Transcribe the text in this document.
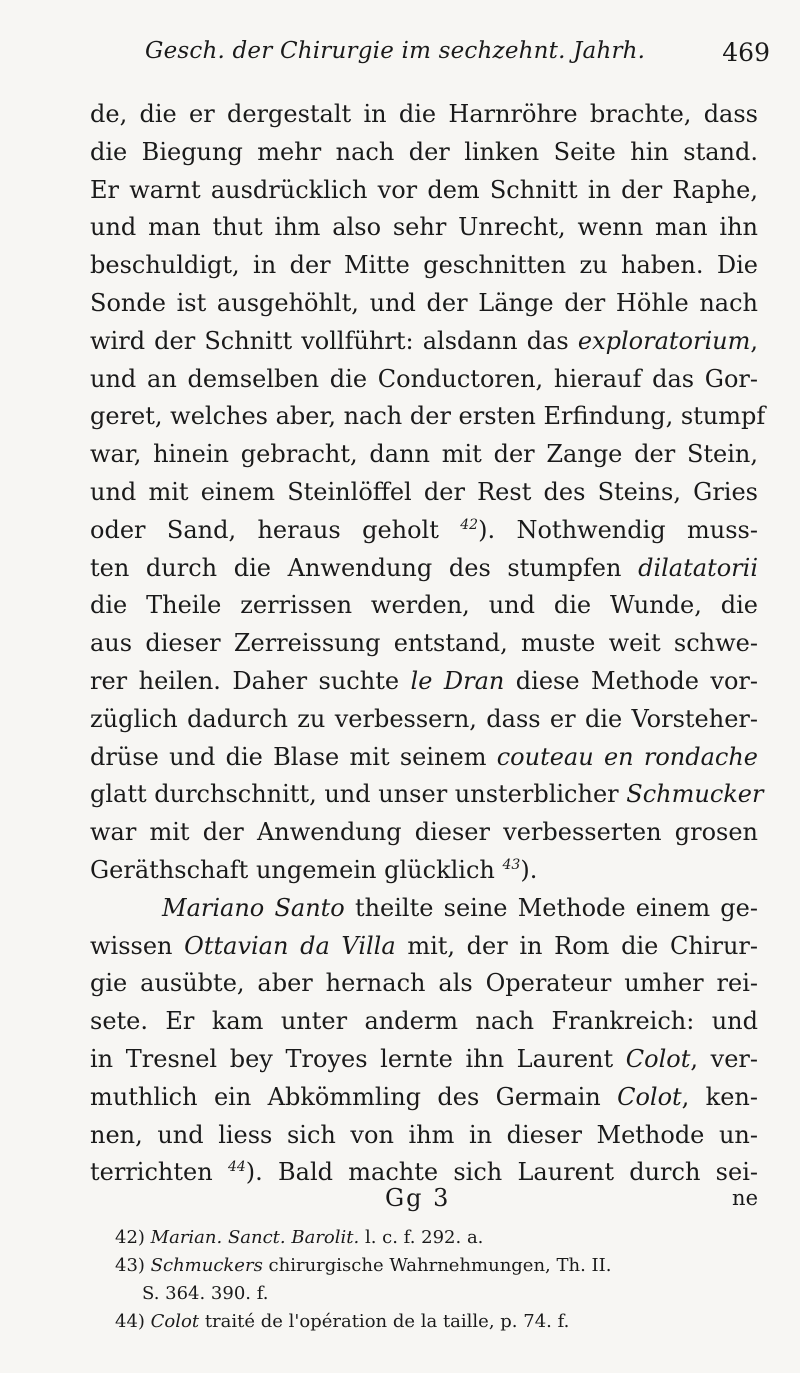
Gesch. der Chirurgie im sechzehnt. Jahrh.	469
de, die er dergestalt in die Harnröhre brachte, dass
die Biegung mehr nach der linken Seite hin stand.
Er warnt ausdrücklich vor dem Schnitt in der Raphe,
und man thut ihm also sehr Unrecht, wenn man ihn
beschuldigt, in der Mitte geschnitten zu haben. Die
Sonde ist ausgehöhlt, und der Länge der Höhle nach
wird der Schnitt vollführt: alsdann das exploratorium,
und an demselben die Conductoren, hierauf das Gor-
geret, welches aber, nach der ersten Erfindung, stumpf
war, hinein gebracht, dann mit der Zange der Stein,
und mit einem Steinlöffel der Rest des Steins, Gries
oder Sand, heraus geholt $^{42}$). Nothwendig muss-
ten durch die Anwendung des stumpfen dilatatorii
die Theile zerrissen werden, und die Wunde, die
aus dieser Zerreissung entstand, muste weit schwe-
rer heilen. Daher suchte le Dran diese Methode vor-
züglich dadurch zu verbessern, dass er die Vorsteher-
drüse und die Blase mit seinem couteau en rondache
glatt durchschnitt, und unser unsterblicher Schmucker
war mit der Anwendung dieser verbesserten grosen
Geräthschaft ungemein glücklich $^{43}$).
Mariano Santo theilte seine Methode einem ge-
wissen Ottavian da Villa mit, der in Rom die Chirur-
gie ausübte, aber hernach als Operateur umher rei-
sete. Er kam unter anderm nach Frankreich: und
in Tresnel bey Troyes lernte ihn Laurent Colot, ver-
muthlich ein Abkömmling des Germain Colot, ken-
nen, und liess sich von ihm in dieser Methode un-
terrichten $^{44}$). Bald machte sich Laurent durch sei-
Gg 3	ne
42) Marian. Sanct. Barolit. l. c. f. 292. a.
43) Schmuckers chirurgische Wahrnehmungen, Th. II.
S. 364. 390. f.
44) Colot traité de l'opération de la taille, p. 74. f.
